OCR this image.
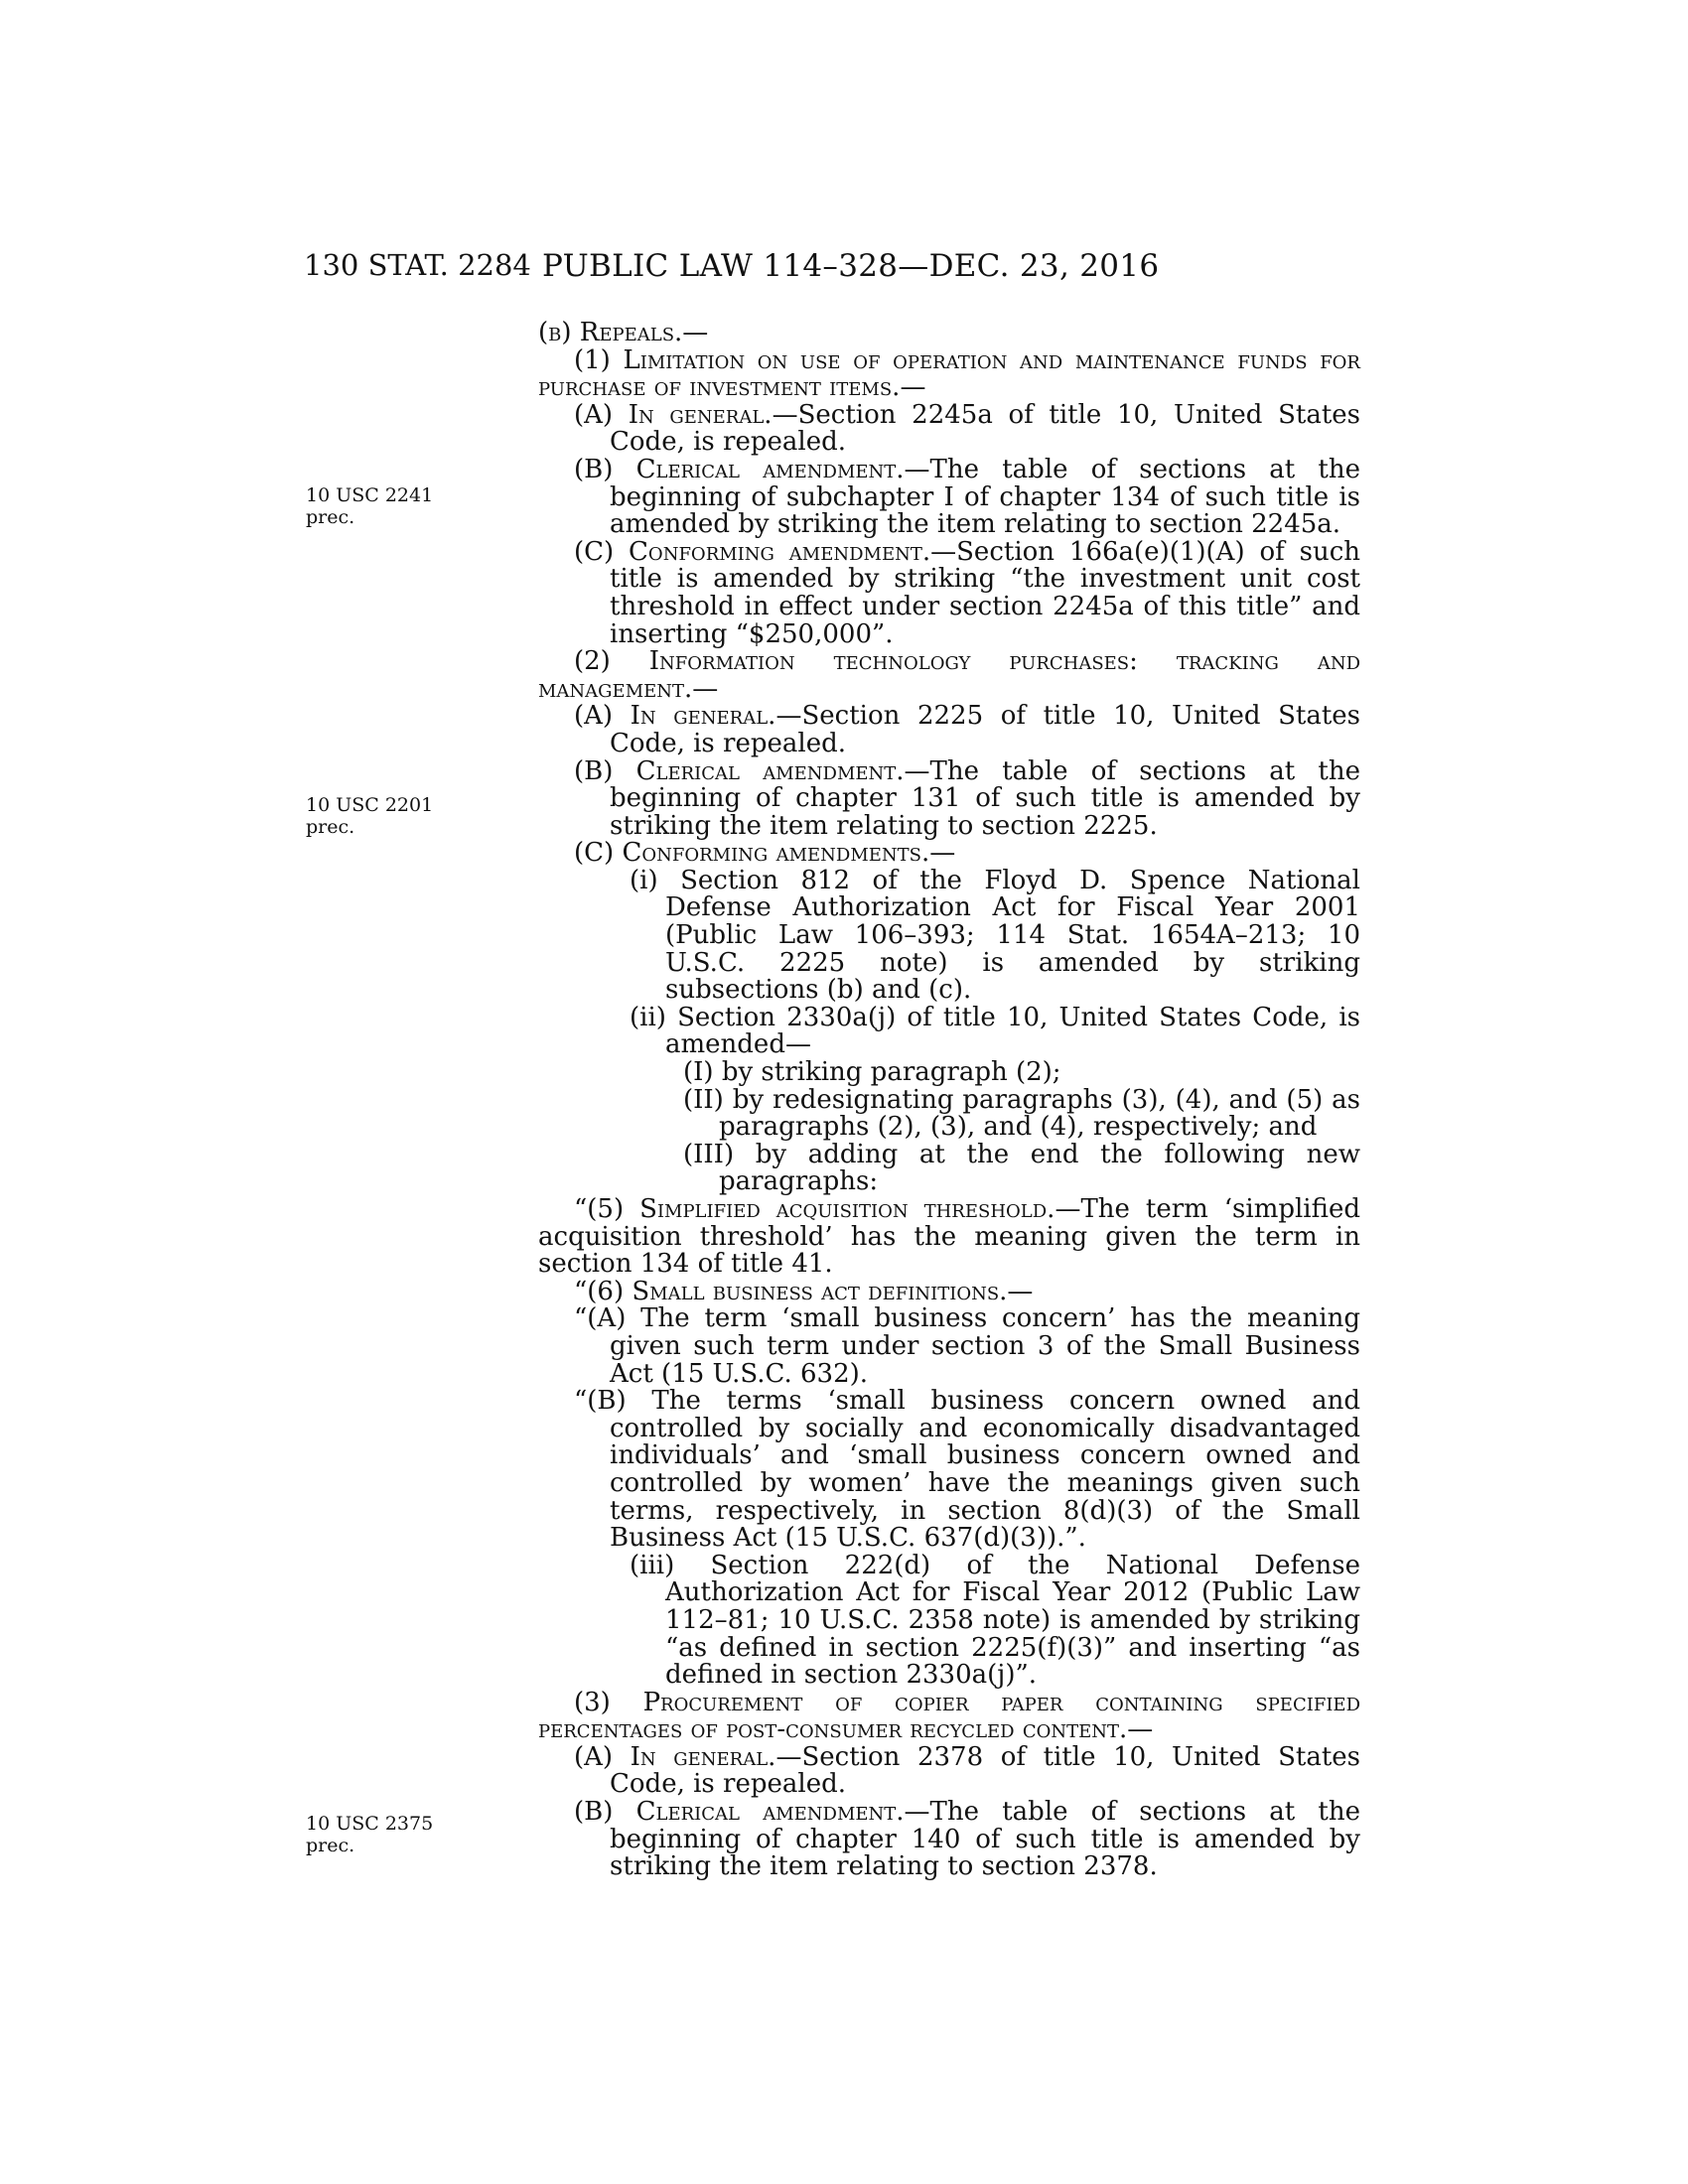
130 STAT. 2284 PUBLIC LAW 114–328—DEC. 23, 2016
10 USC 2241
prec.
10 USC 2201
prec.
10 USC 2375
prec.

(b) Repeals.—

(1) Limitation on use of operation and maintenance funds for purchase of investment items.—

(A) In general.—Section 2245a of title 10, United States Code, is repealed.

(B) Clerical amendment.—The table of sections at the beginning of subchapter I of chapter 134 of such title is amended by striking the item relating to section 2245a.

(C) Conforming amendment.—Section 166a(e)(1)(A) of such title is amended by striking “the investment unit cost threshold in effect under section 2245a of this title” and inserting “$250,000”.

(2) Information technology purchases: tracking and management.—

(A) In general.—Section 2225 of title 10, United States Code, is repealed.

(B) Clerical amendment.—The table of sections at the beginning of chapter 131 of such title is amended by striking the item relating to section 2225.

(C) Conforming amendments.—

(i) Section 812 of the Floyd D. Spence National Defense Authorization Act for Fiscal Year 2001 (Public Law 106–393; 114 Stat. 1654A–213; 10 U.S.C. 2225 note) is amended by striking subsections (b) and (c).

(ii) Section 2330a(j) of title 10, United States Code, is amended—

(I) by striking paragraph (2);

(II) by redesignating paragraphs (3), (4), and (5) as paragraphs (2), (3), and (4), respectively; and

(III) by adding at the end the following new paragraphs:

“(5) Simplified acquisition threshold.—The term ‘simplified acquisition threshold’ has the meaning given the term in section 134 of title 41.

“(6) Small business act definitions.—

“(A) The term ‘small business concern’ has the meaning given such term under section 3 of the Small Business Act (15 U.S.C. 632).

“(B) The terms ‘small business concern owned and controlled by socially and economically disadvantaged individuals’ and ‘small business concern owned and controlled by women’ have the meanings given such terms, respectively, in section 8(d)(3) of the Small Business Act (15 U.S.C. 637(d)(3)).”.

(iii) Section 222(d) of the National Defense Authorization Act for Fiscal Year 2012 (Public Law 112–81; 10 U.S.C. 2358 note) is amended by striking “as defined in section 2225(f)(3)” and inserting “as defined in section 2330a(j)”.

(3) Procurement of copier paper containing specified percentages of post-consumer recycled content.—

(A) In general.—Section 2378 of title 10, United States Code, is repealed.

(B) Clerical amendment.—The table of sections at the beginning of chapter 140 of such title is amended by striking the item relating to section 2378.
